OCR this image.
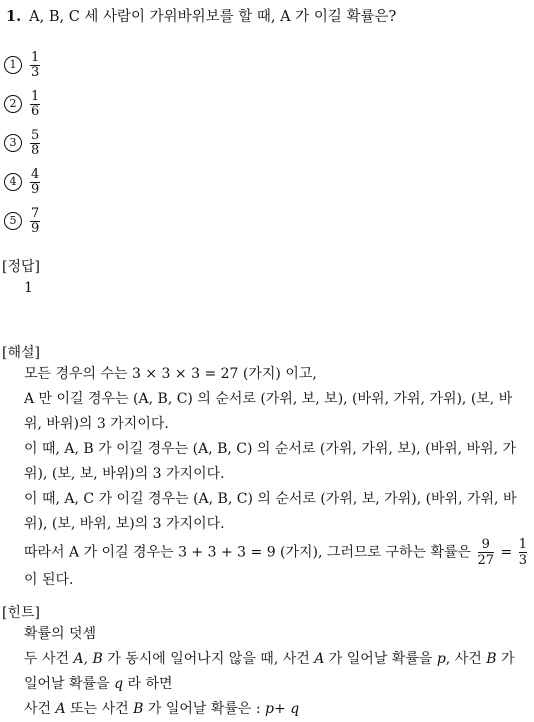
1. A, B, C 세 사람이 가위바위보를 할 때, A 가 이길 확률은?
1	$\frac{1}{3}$
2	$\frac{1}{6}$
3	$\frac{5}{8}$
4	$\frac{4}{9}$
5	$\frac{7}{9}$
[정답]
1
[해설]
모든 경우의 수는 3 × 3 × 3 = 27 (가지) 이고,
A 만 이길 경우는 (A, B, C) 의 순서로 (가위, 보, 보), (바위, 가위, 가위), (보, 바위, 바위)의 3 가지이다.
이 때, A, B 가 이길 경우는 (A, B, C) 의 순서로 (가위, 가위, 보), (바위, 바위, 가위), (보, 보, 바위)의 3 가지이다.
이 때, A, C 가 이길 경우는 (A, B, C) 의 순서로 (가위, 보, 가위), (바위, 가위, 바위), (보, 바위, 보)의 3 가지이다.
따라서 A 가 이길 경우는 3 + 3 + 3 = 9 (가지), 그러므로 구하는 확률은 $\frac{9}{27} = \frac{1}{3}$
이 된다.
[힌트]
확률의 덧셈
두 사건 A, B 가 동시에 일어나지 않을 때, 사건 A 가 일어날 확률을 p, 사건 B 가 일어날 확률을 q 라 하면
사건 A 또는 사건 B 가 일어날 확률은 : p+ q
